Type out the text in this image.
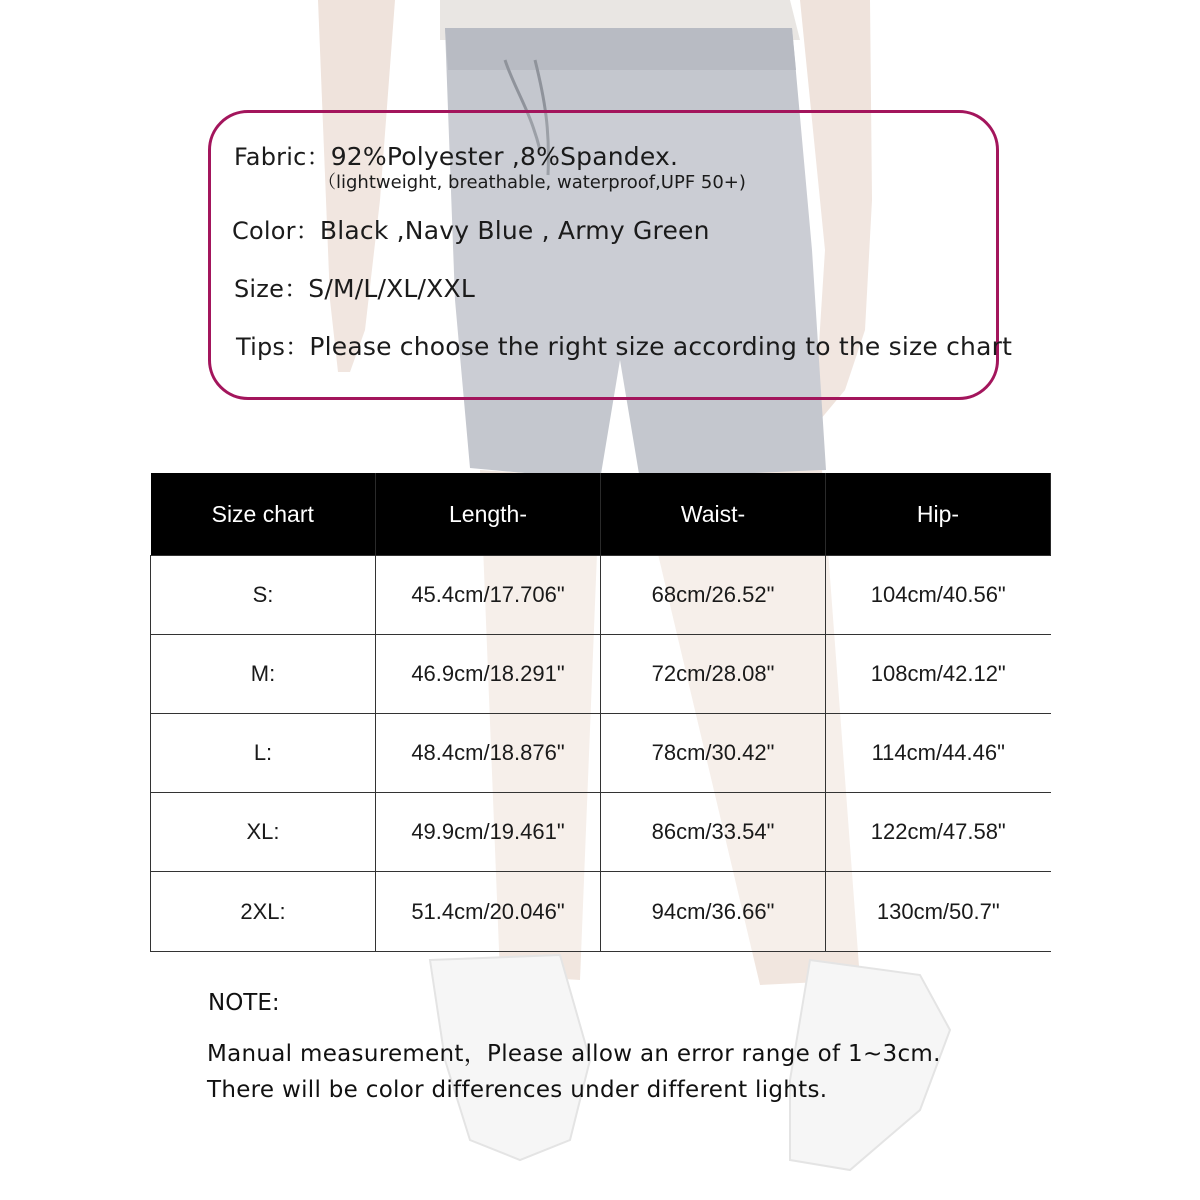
Fabric：92%Polyester ,8%Spandex.
（lightweight, breathable, waterproof,UPF 50+)
Color：Black ,Navy Blue , Army Green
Size：S/M/L/XL/XXL
Tips：Please choose the right size according to the size chart
Size chart	Length-	Waist-	Hip-
S:	45.4cm/17.706"	68cm/26.52"	104cm/40.56"
M:	46.9cm/18.291"	72cm/28.08"	108cm/42.12"
L:	48.4cm/18.876"	78cm/30.42"	114cm/44.46"
XL:	49.9cm/19.461"	86cm/33.54"	122cm/47.58"
2XL:	51.4cm/20.046"	94cm/36.66"	130cm/50.7"
NOTE:
Manual measurement，Please allow an error range of 1~3cm.
There will be color differences under different lights.
